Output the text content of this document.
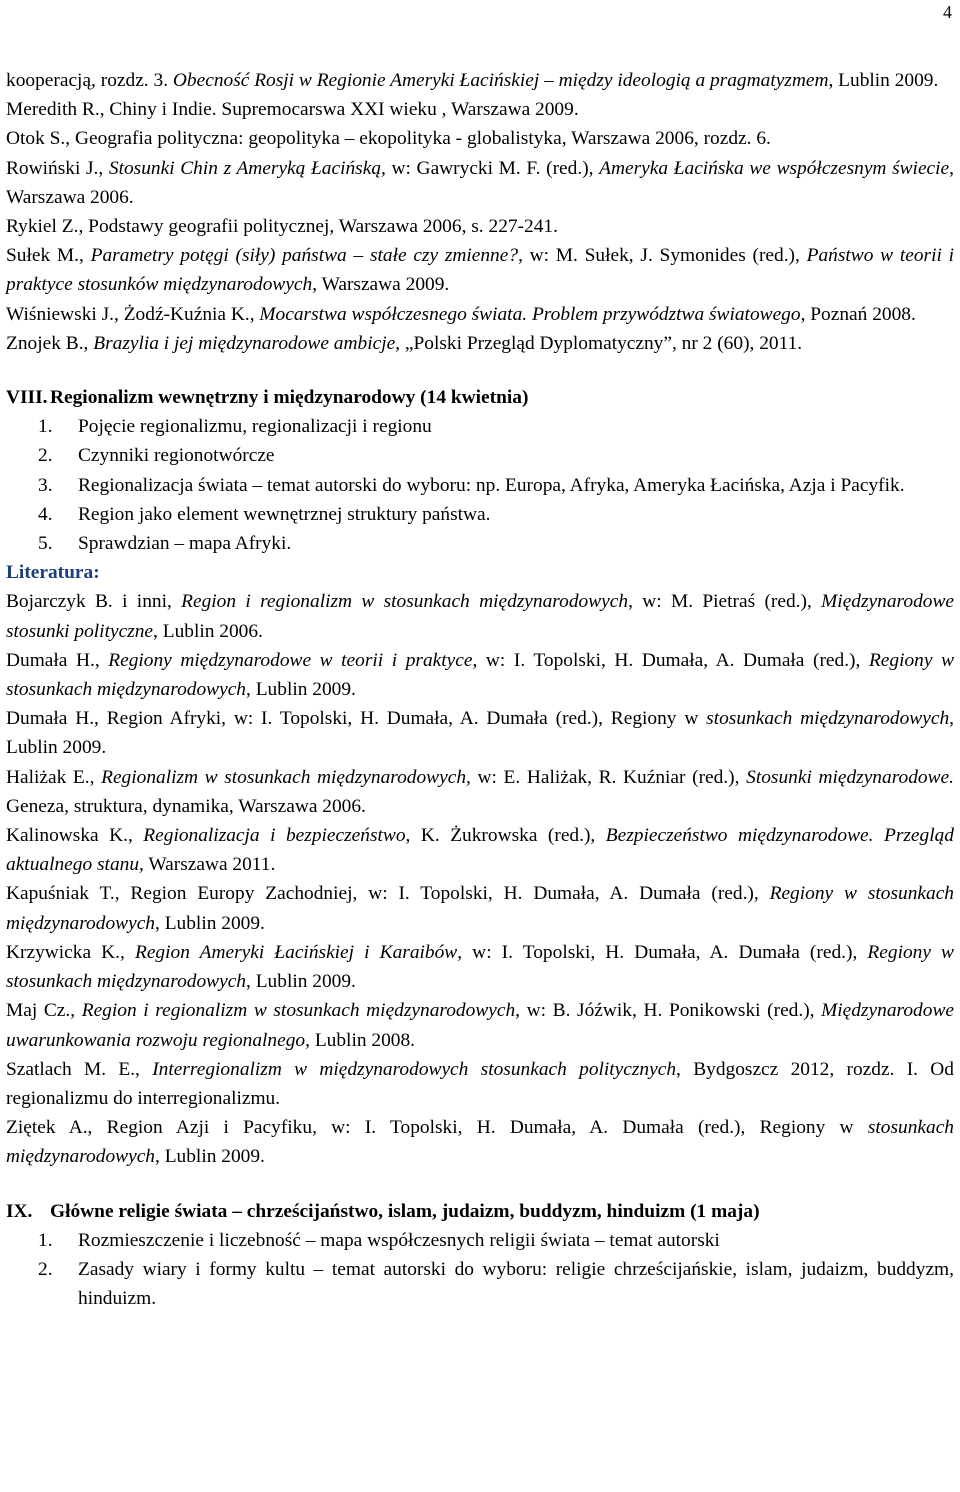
4

kooperacją, rozdz. 3. Obecność Rosji w Regionie Ameryki Łacińskiej – między ideologią a pragmatyzmem, Lublin 2009.

Meredith R., Chiny i Indie. Supremocarswa XXI wieku , Warszawa 2009.

Otok S., Geografia polityczna: geopolityka – ekopolityka - globalistyka, Warszawa 2006, rozdz. 6.

Rowiński J., Stosunki Chin z Ameryką Łacińską, w: Gawrycki M. F. (red.), Ameryka Łacińska we współczesnym świecie, Warszawa 2006.

Rykiel Z., Podstawy geografii politycznej, Warszawa 2006, s. 227-241.

Sułek M., Parametry potęgi (siły) państwa – stałe czy zmienne?, w: M. Sułek, J. Symonides (red.), Państwo w teorii i praktyce stosunków międzynarodowych, Warszawa 2009.

Wiśniewski J., Żodź-Kuźnia K., Mocarstwa współczesnego świata. Problem przywództwa światowego, Poznań 2008.

Znojek B., Brazylia i jej międzynarodowe ambicje, „Polski Przegląd Dyplomatyczny”, nr 2 (60), 2011.

VIII. Regionalizm wewnętrzny i międzynarodowy (14 kwietnia)
1.	Pojęcie regionalizmu, regionalizacji i regionu
2.	Czynniki regionotwórcze
3.	Regionalizacja świata – temat autorski do wyboru: np. Europa, Afryka, Ameryka Łacińska, Azja i Pacyfik.
4.	Region jako element wewnętrznej struktury państwa.
5.	Sprawdzian – mapa Afryki.
Literatura:

Bojarczyk B. i inni, Region i regionalizm w stosunkach międzynarodowych, w: M. Pietraś (red.), Międzynarodowe stosunki polityczne, Lublin 2006.

Dumała H., Regiony międzynarodowe w teorii i praktyce, w: I. Topolski, H. Dumała, A. Dumała (red.), Regiony w stosunkach międzynarodowych, Lublin 2009.

Dumała H., Region Afryki, w: I. Topolski, H. Dumała, A. Dumała (red.), Regiony w stosunkach międzynarodowych, Lublin 2009.

Haliżak E., Regionalizm w stosunkach międzynarodowych, w: E. Haliżak, R. Kuźniar (red.), Stosunki międzynarodowe. Geneza, struktura, dynamika, Warszawa 2006.

Kalinowska K., Regionalizacja i bezpieczeństwo, K. Żukrowska (red.), Bezpieczeństwo międzynarodowe. Przegląd aktualnego stanu, Warszawa 2011.

Kapuśniak T., Region Europy Zachodniej, w: I. Topolski, H. Dumała, A. Dumała (red.), Regiony w stosunkach międzynarodowych, Lublin 2009.

Krzywicka K., Region Ameryki Łacińskiej i Karaibów, w: I. Topolski, H. Dumała, A. Dumała (red.), Regiony w stosunkach międzynarodowych, Lublin 2009.

Maj Cz., Region i regionalizm w stosunkach międzynarodowych, w: B. Jóźwik, H. Ponikowski (red.), Międzynarodowe uwarunkowania rozwoju regionalnego, Lublin 2008.

Szatlach M. E., Interregionalizm w międzynarodowych stosunkach politycznych, Bydgoszcz 2012, rozdz. I. Od regionalizmu do interregionalizmu.

Ziętek A., Region Azji i Pacyfiku, w: I. Topolski, H. Dumała, A. Dumała (red.), Regiony w stosunkach międzynarodowych, Lublin 2009.

IX. Główne religie świata – chrześcijaństwo, islam, judaizm, buddyzm, hinduizm (1 maja)
1.	Rozmieszczenie i liczebność – mapa współczesnych religii świata – temat autorski
2.	Zasady wiary i formy kultu – temat autorski do wyboru: religie chrześcijańskie, islam, judaizm, buddyzm, hinduizm.
